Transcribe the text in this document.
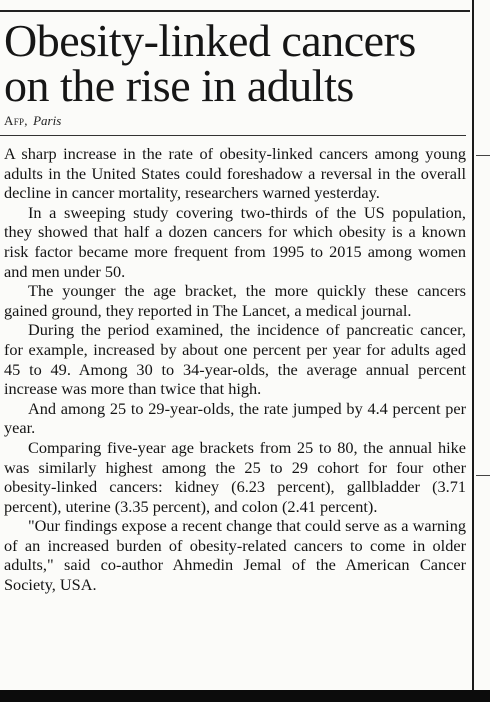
Obesity-linked cancers
on the rise in adults
Afp, Paris

A sharp increase in the rate of obesity-linked cancers among young adults in the United States could foreshadow a reversal in the overall decline in cancer mortality, researchers warned yesterday.

In a sweeping study covering two-thirds of the US population, they showed that half a dozen cancers for which obesity is a known risk factor became more frequent from 1995 to 2015 among women and men under 50.

The younger the age bracket, the more quickly these cancers gained ground, they reported in The Lancet, a medical journal.

During the period examined, the incidence of pancreatic cancer, for example, increased by about one percent per year for adults aged 45 to 49. Among 30 to 34-year-olds, the average annual percent increase was more than twice that high.

And among 25 to 29-year-olds, the rate jumped by 4.4 percent per year.

Comparing five-year age brackets from 25 to 80, the annual hike was similarly highest among the 25 to 29 cohort for four other obesity-linked cancers: kidney (6.23 percent), gallbladder (3.71 percent), uterine (3.35 percent), and colon (2.41 percent).

"Our findings expose a recent change that could serve as a warning of an increased burden of obesity-related cancers to come in older adults," said co-author Ahmedin Jemal of the American Cancer Society, USA.
